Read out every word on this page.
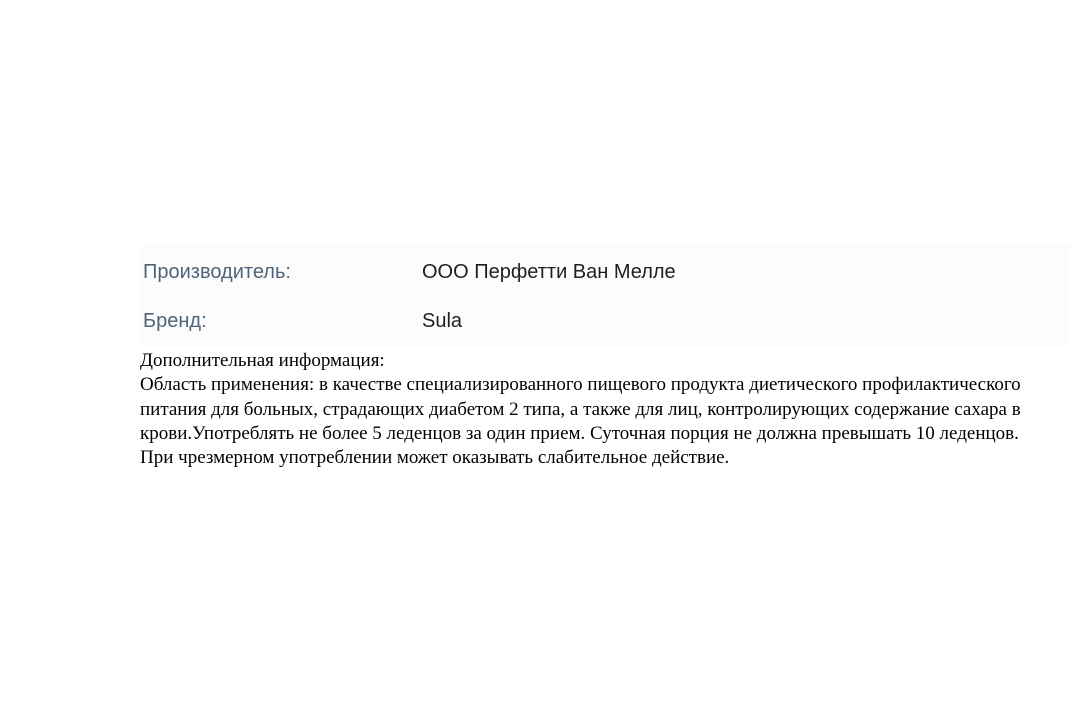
Производитель:	ООО Перфетти Ван Мелле
Бренд:	Sula

Дополнительная информация:

Область применения: в качестве специализированного пищевого продукта диетического профилактического питания для больных, страдающих диабетом 2 типа, а также для лиц, контролирующих содержание сахара в крови.Употреблять не более 5 леденцов за один прием. Суточная порция не должна превышать 10 леденцов. При чрезмерном употреблении может оказывать слабительное действие.
